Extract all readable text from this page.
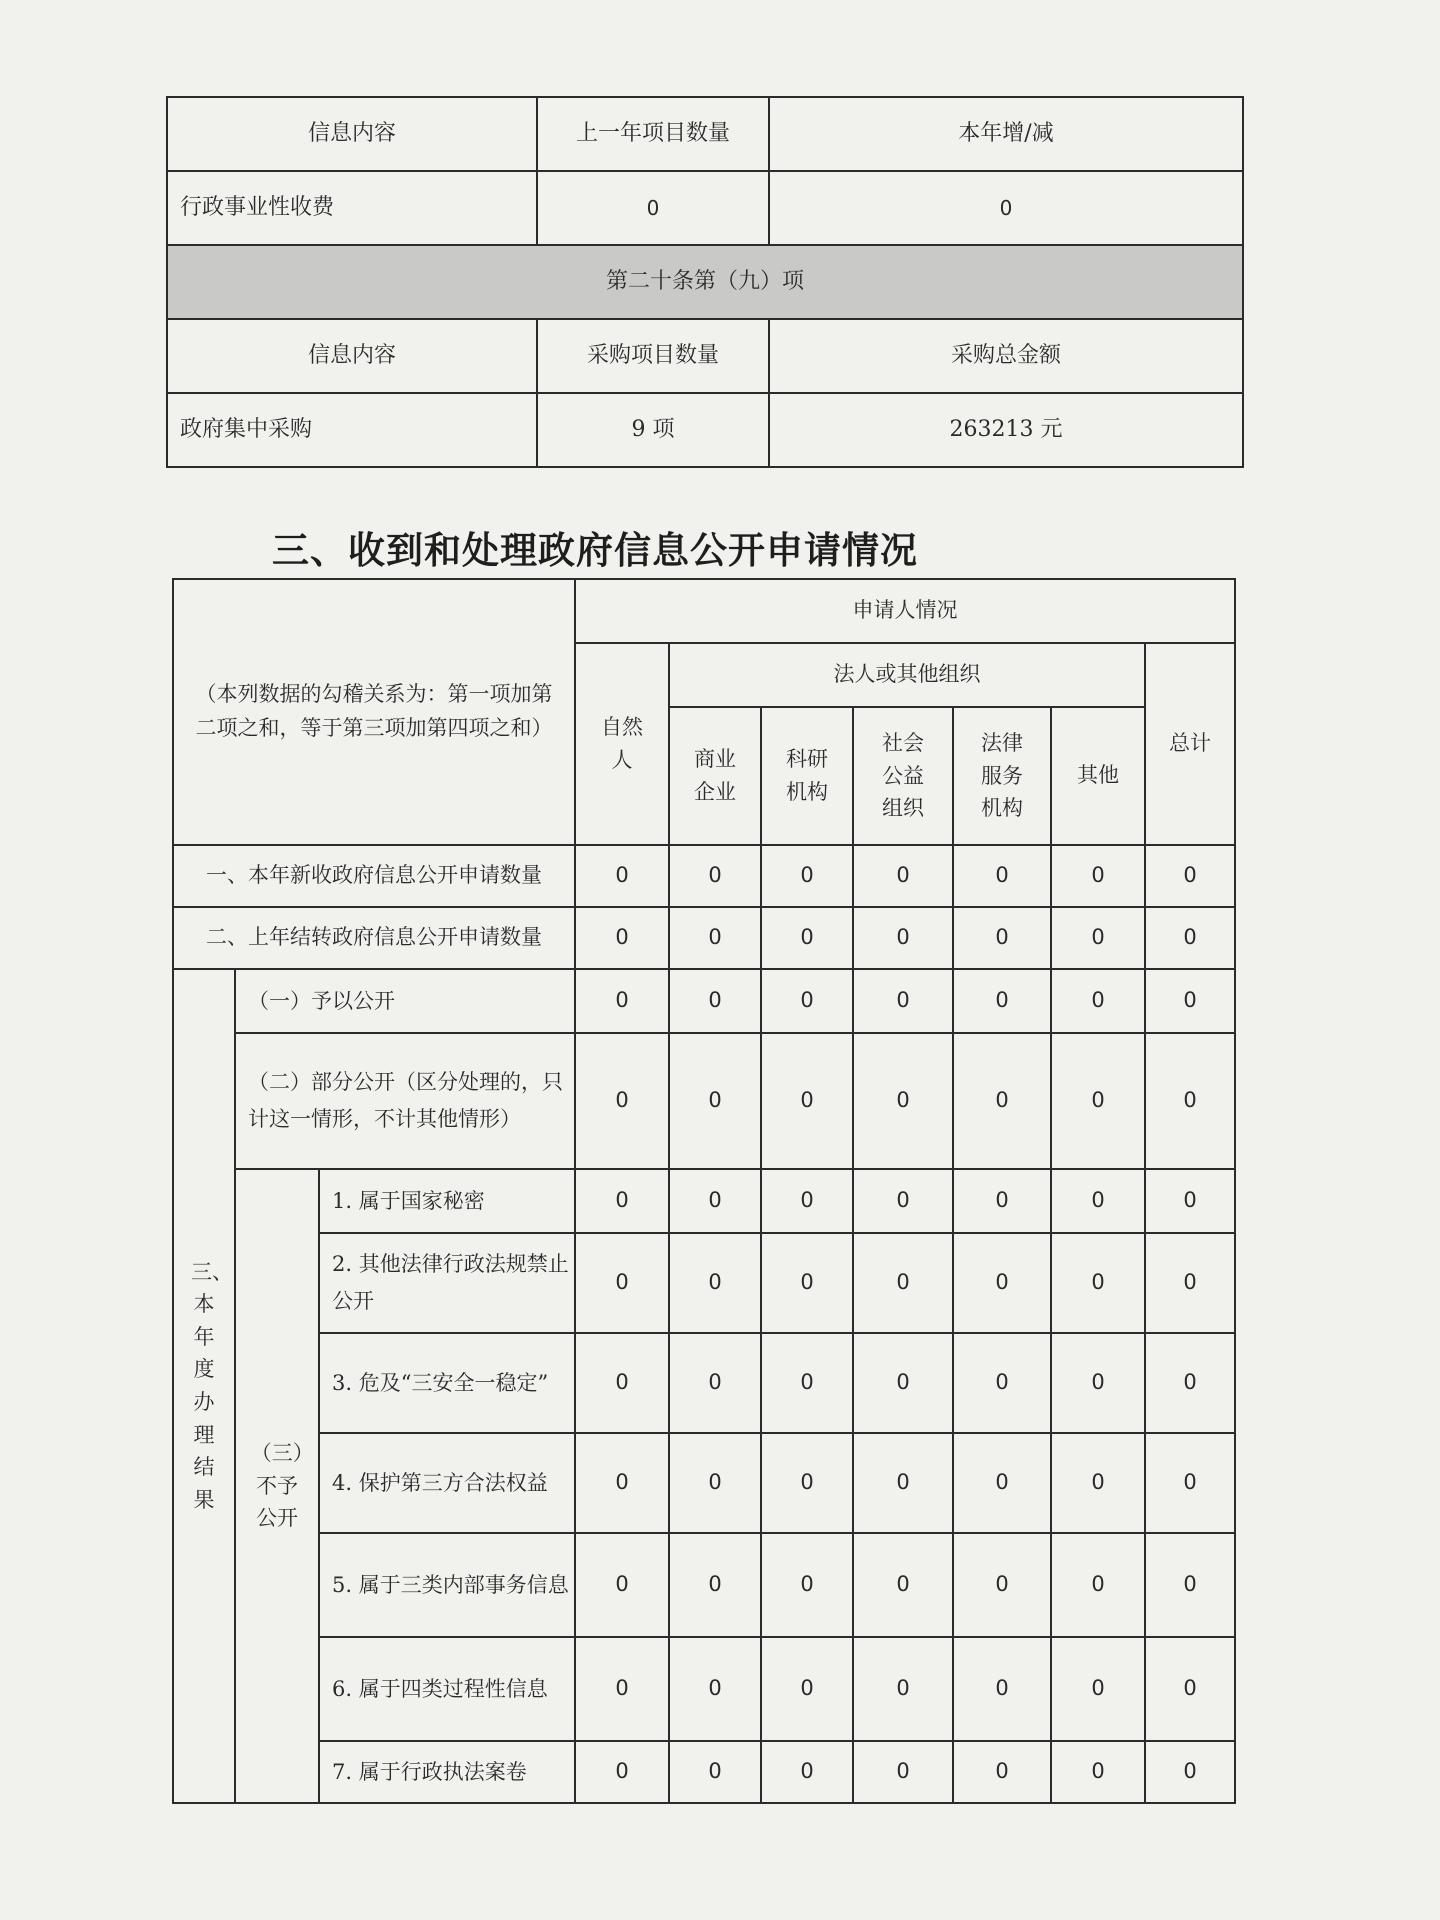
信息内容	上一年项目数量	本年增/减
行政事业性收费	0	0
第二十条第（九）项		
信息内容	采购项目数量	采购总金额
政府集中采购	9 项	263213 元
三、收到和处理政府信息公开申请情况
（本列数据的勾稽关系为：第一项加第二项之和，等于第三项加第四项之和）			申请人情况						
			自然人	法人或其他组织					总计
				商业企业	科研机构	社会公益组织	法律服务机构	其他	
一、本年新收政府信息公开申请数量			0	0	0	0	0	0	0
二、上年结转政府信息公开申请数量			0	0	0	0	0	0	0
三、本年度办理结果	（一）予以公开		0	0	0	0	0	0	0
	（二）部分公开（区分处理的，只计这一情形，不计其他情形）		0	0	0	0	0	0	0
	（三）不予公开	1. 属于国家秘密	0	0	0	0	0	0	0
		2. 其他法律行政法规禁止公开	0	0	0	0	0	0	0
		3. 危及“三安全一稳定”	0	0	0	0	0	0	0
		4. 保护第三方合法权益	0	0	0	0	0	0	0
		5. 属于三类内部事务信息	0	0	0	0	0	0	0
		6. 属于四类过程性信息	0	0	0	0	0	0	0
		7. 属于行政执法案卷	0	0	0	0	0	0	0
